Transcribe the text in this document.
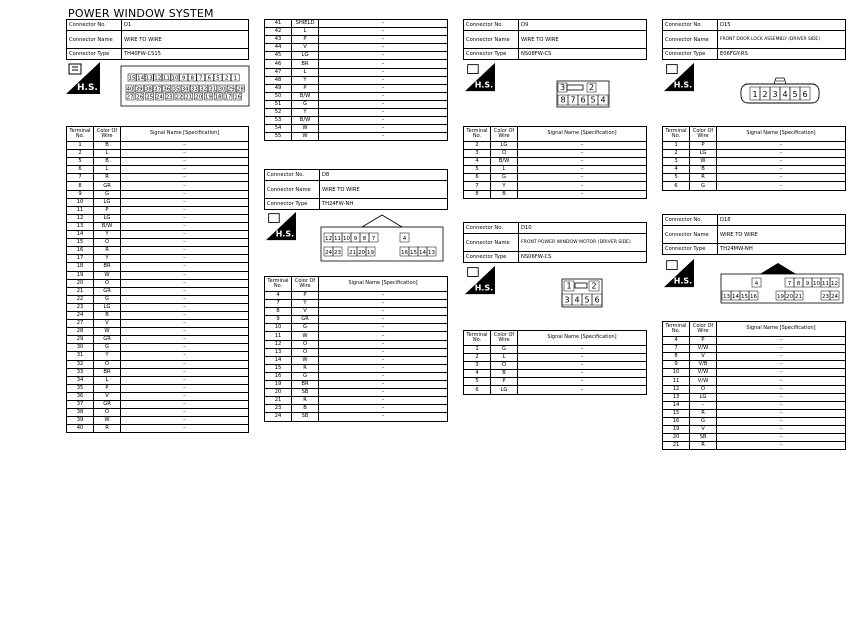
POWER WINDOW SYSTEM
Connector No.	D1
Connector Name	WIRE TO WIRE
Connector Type	TH40FW-CS15
H.S.
15 14 13 12 11 10 9 8 7 6 5 2 1
40 39 38 37 36 35 34 33 32 31 30 29 28
27 26 25 24 23 22 21 20 19 18 17 16
Terminal No.	Color Of Wire	Signal Name [Specification]
1	B	–
2	L	–
5	B	–
6	L	–
7	R	–
8	GR	–
9	G	–
10	LG	–
11	P	–
12	LG	–
13	B/W	–
14	Y	–
15	O	–
16	R	–
17	Y	–
18	BR	–
19	W	–
20	O	–
21	GR	–
22	G	–
23	LG	–
24	B	–
27	V	–
28	W	–
29	GR	–
30	G	–
31	Y	–
32	O	–
33	BR	–
34	L	–
35	P	–
36	V	–
37	GR	–
38	O	–
39	W	–
40	R	–
41	SHIELD	–
42	L	–
43	P	–
44	V	–
45	LG	–
46	BR	–
47	L	–
48	Y	–
49	P	–
50	B/W	–
51	G	–
52	Y	–
53	B/W	–
54	W	–
55	W	–
Connector No.	D8
Connector Name	WIRE TO WIRE
Connector Type	TH24FW-NH
H.S.
12 11 10 9 8 7	4
24 23 21 20 19	16 15 14 13
Terminal No.	Color Of Wire	Signal Name [Specification]
4	P	–
7	Y	–
8	V	–
9	GR	–
10	G	–
11	W	–
12	O	–
13	O	–
14	W	–
15	R	–
16	G	–
19	BR	–
20	SB	–
21	R	–
23	B	–
24	SB	–
Connector No.	D9
Connector Name	WIRE TO WIRE
Connector Type	NS08FW-CS
H.S.	3	2
8 7 6 5 4
Terminal No.	Color Of Wire	Signal Name [Specification]
2	LG	–
3	O	–
4	B/W	–
5	L	–
6	G	–
7	Y	–
8	B	–
Connector No.	D10
Connector Name	FRONT POWER WINDOW MOTOR (DRIVER SIDE)
Connector Type	NS06FW-CS
H.S.	1 2
3 4 5 6
Terminal No.	Color Of Wire	Signal Name [Specification]
1	G	–
2	L	–
3	O	–
4	B	–
5	P	–
6	LG	–
Connector No.	D15
Connector Name	FRONT DOOR LOCK ASSEMBLY (DRIVER SIDE)
Connector Type	E06FGY-RS
H.S.
1 2 3 4 5 6
Terminal No.	Color Of Wire	Signal Name [Specification]
1	P	–
2	LG	–
3	W	–
4	B	–
5	R	–
6	G	–
Connector No.	D18
Connector Name	WIRE TO WIRE
Connector Type	TH24MW-NH
H.S.	4	7 8 9 10 11 12
13 14 15 16	19 20 21	23 24
Terminal No.	Color Of Wire	Signal Name [Specification]
4	P	–
7	V/W	–
8	V	–
9	V/B	–
10	V/W	–
11	V/W	–
12	O	–
13	LG	–
14	–	–
15	R	–
16	G	–
19	V	–
20	SB	–
21	R	–
